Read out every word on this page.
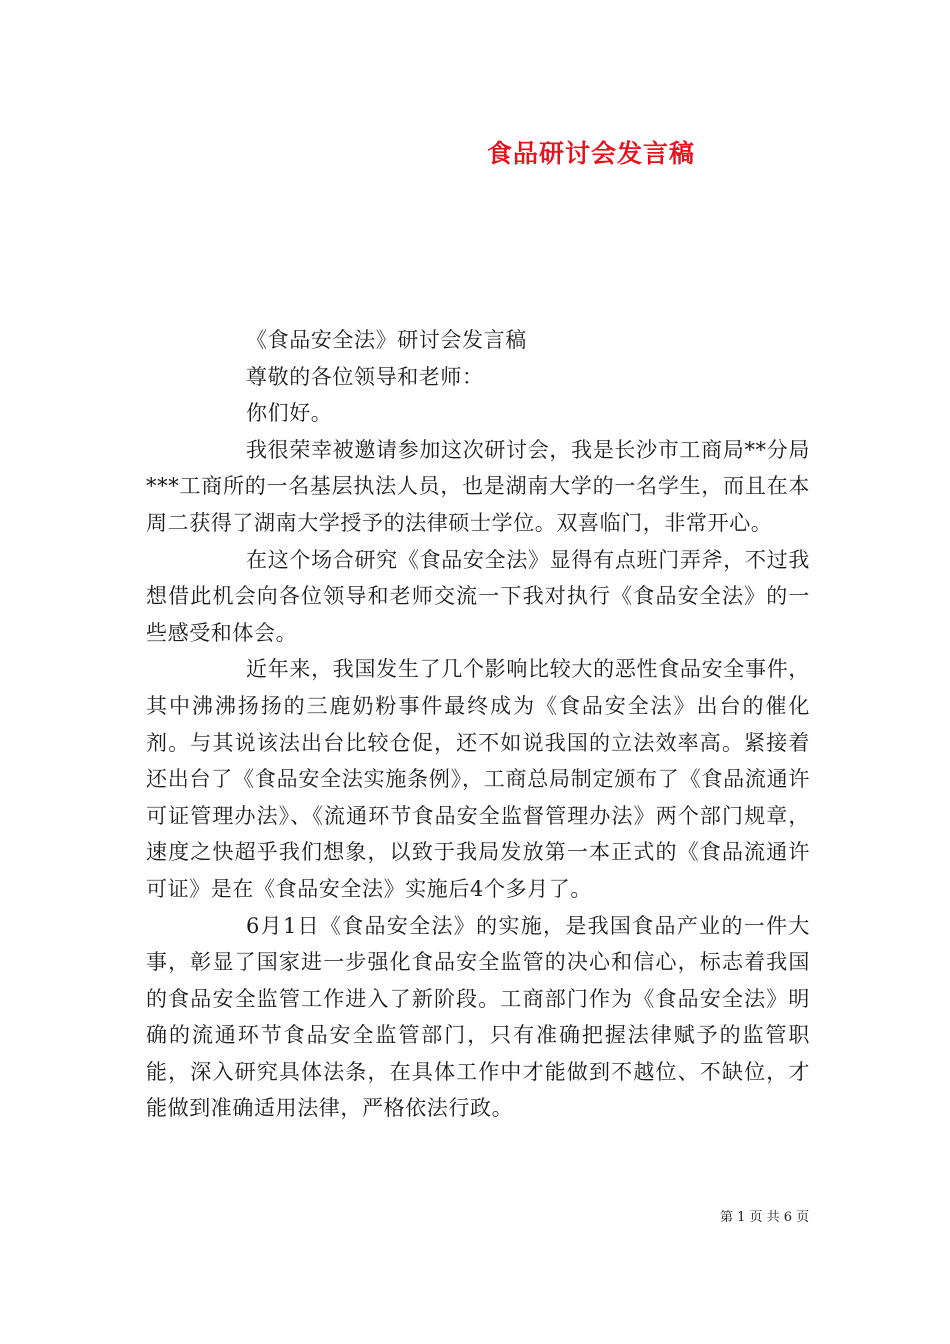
食品研讨会发言稿

《食品安全法》研讨会发言稿

尊敬的各位领导和老师：

你们好。

我很荣幸被邀请参加这次研讨会，我是长沙市工商局**分局***工商所的一名基层执法人员，也是湖南大学的一名学生，而且在本周二获得了湖南大学授予的法律硕士学位。双喜临门，非常开心。

在这个场合研究《食品安全法》显得有点班门弄斧，不过我想借此机会向各位领导和老师交流一下我对执行《食品安全法》的一些感受和体会。

近年来，我国发生了几个影响比较大的恶性食品安全事件，其中沸沸扬扬的三鹿奶粉事件最终成为《食品安全法》出台的催化剂。与其说该法出台比较仓促，还不如说我国的立法效率高。紧接着还出台了《食品安全法实施条例》，工商总局制定颁布了《食品流通许可证管理办法》、《流通环节食品安全监督管理办法》两个部门规章，速度之快超乎我们想象，以致于我局发放第一本正式的《食品流通许可证》是在《食品安全法》实施后4个多月了。

6月1日《食品安全法》的实施，是我国食品产业的一件大事，彰显了国家进一步强化食品安全监管的决心和信心，标志着我国的食品安全监管工作进入了新阶段。工商部门作为《食品安全法》明确的流通环节食品安全监管部门，只有准确把握法律赋予的监管职能，深入研究具体法条，在具体工作中才能做到不越位、不缺位，才能做到准确适用法律，严格依法行政。

第 1 页 共 6 页
